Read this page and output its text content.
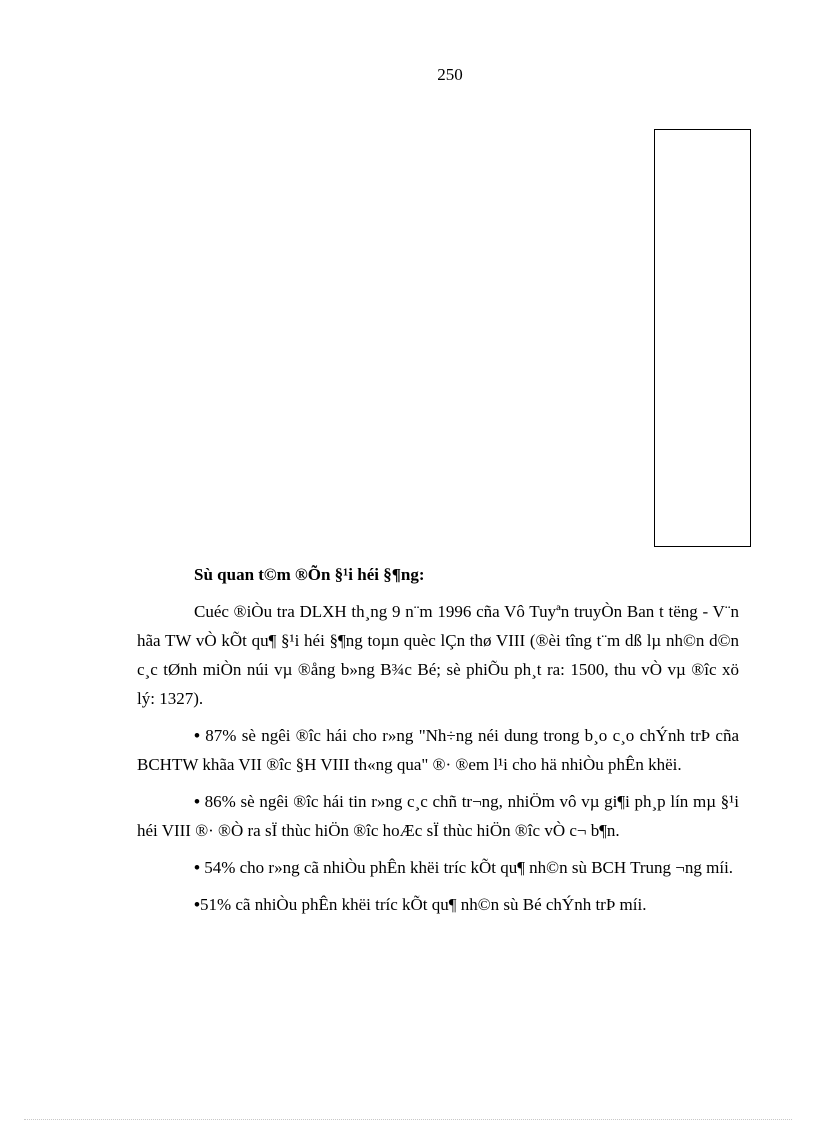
250

Sù quan t©m ®Õn §¹i héi §¶ng:

Cuéc ®iÒu tra DLXH th¸ng 9 n¨m 1996 cña Vô Tuyªn truyÒn Ban t tëng - V¨n hãa TW vÒ kÕt qu¶ §¹i héi §¶ng toµn quèc lÇn thø VIII (®èi tîng t¨m dß lµ nh©n d©n c¸c tØnh miÒn núi vµ ®ång b»ng B¾c Bé; sè phiÕu ph¸t ra: 1500, thu vÒ vµ ®îc xö lý: 1327).

• 87% sè ngêi ®îc hái cho r»ng "Nh÷ng néi dung trong b¸o c¸o chÝnh trÞ cña BCHTW khãa VII ®îc §H VIII th«ng qua" ®· ®em l¹i cho hä nhiÒu phÊn khëi.

• 86% sè ngêi ®îc hái tin r»ng c¸c chñ tr¬ng, nhiÖm vô vµ gi¶i ph¸p lín mµ §¹i héi VIII ®· ®Ò ra sÏ thùc hiÖn ®îc hoÆc sÏ thùc hiÖn ®îc vÒ c¬ b¶n.

• 54% cho r»ng cã nhiÒu phÊn khëi tríc kÕt qu¶ nh©n sù BCH Trung ¬ng míi.

•51% cã nhiÒu phÊn khëi tríc kÕt qu¶ nh©n sù Bé chÝnh trÞ míi.
